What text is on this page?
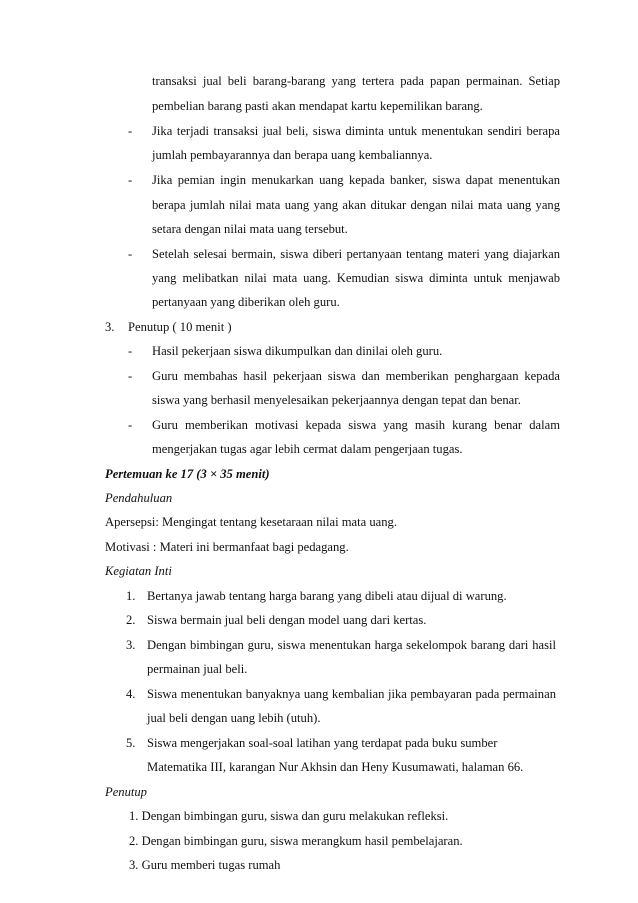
transaksi jual beli barang-barang yang tertera pada papan permainan. Setiap
pembelian barang pasti akan mendapat kartu kepemilikan barang.
- Jika terjadi transaksi jual beli, siswa diminta untuk menentukan sendiri berapa
jumlah pembayarannya dan berapa uang kembaliannya.
- Jika pemian ingin menukarkan uang kepada banker, siswa dapat menentukan
berapa jumlah nilai mata uang yang akan ditukar dengan nilai mata uang yang
setara dengan nilai mata uang tersebut.
- Setelah selesai bermain, siswa diberi pertanyaan tentang materi yang diajarkan
yang melibatkan nilai mata uang. Kemudian siswa diminta untuk menjawab
pertanyaan yang diberikan oleh guru.
3. Penutup ( 10 menit )
- Hasil pekerjaan siswa dikumpulkan dan dinilai oleh guru.
- Guru membahas hasil pekerjaan siswa dan memberikan penghargaan kepada
siswa yang berhasil menyelesaikan pekerjaannya dengan tepat dan benar.
- Guru memberikan motivasi kepada siswa yang masih kurang benar dalam
mengerjakan tugas agar lebih cermat dalam pengerjaan tugas.
Pertemuan ke 17 (3 × 35 menit)
Pendahuluan
Apersepsi: Mengingat tentang kesetaraan nilai mata uang.
Motivasi : Materi ini bermanfaat bagi pedagang.
Kegiatan Inti
1. Bertanya jawab tentang harga barang yang dibeli atau dijual di warung.
2. Siswa bermain jual beli dengan model uang dari kertas.
3. Dengan bimbingan guru, siswa menentukan harga sekelompok barang dari hasil
permainan jual beli.
4. Siswa menentukan banyaknya uang kembalian jika pembayaran pada permainan
jual beli dengan uang lebih (utuh).
5. Siswa mengerjakan soal-soal latihan yang terdapat pada buku sumber
Matematika III, karangan Nur Akhsin dan Heny Kusumawati, halaman 66.
Penutup
1. Dengan bimbingan guru, siswa dan guru melakukan refleksi.
2. Dengan bimbingan guru, siswa merangkum hasil pembelajaran.
3. Guru memberi tugas rumah
